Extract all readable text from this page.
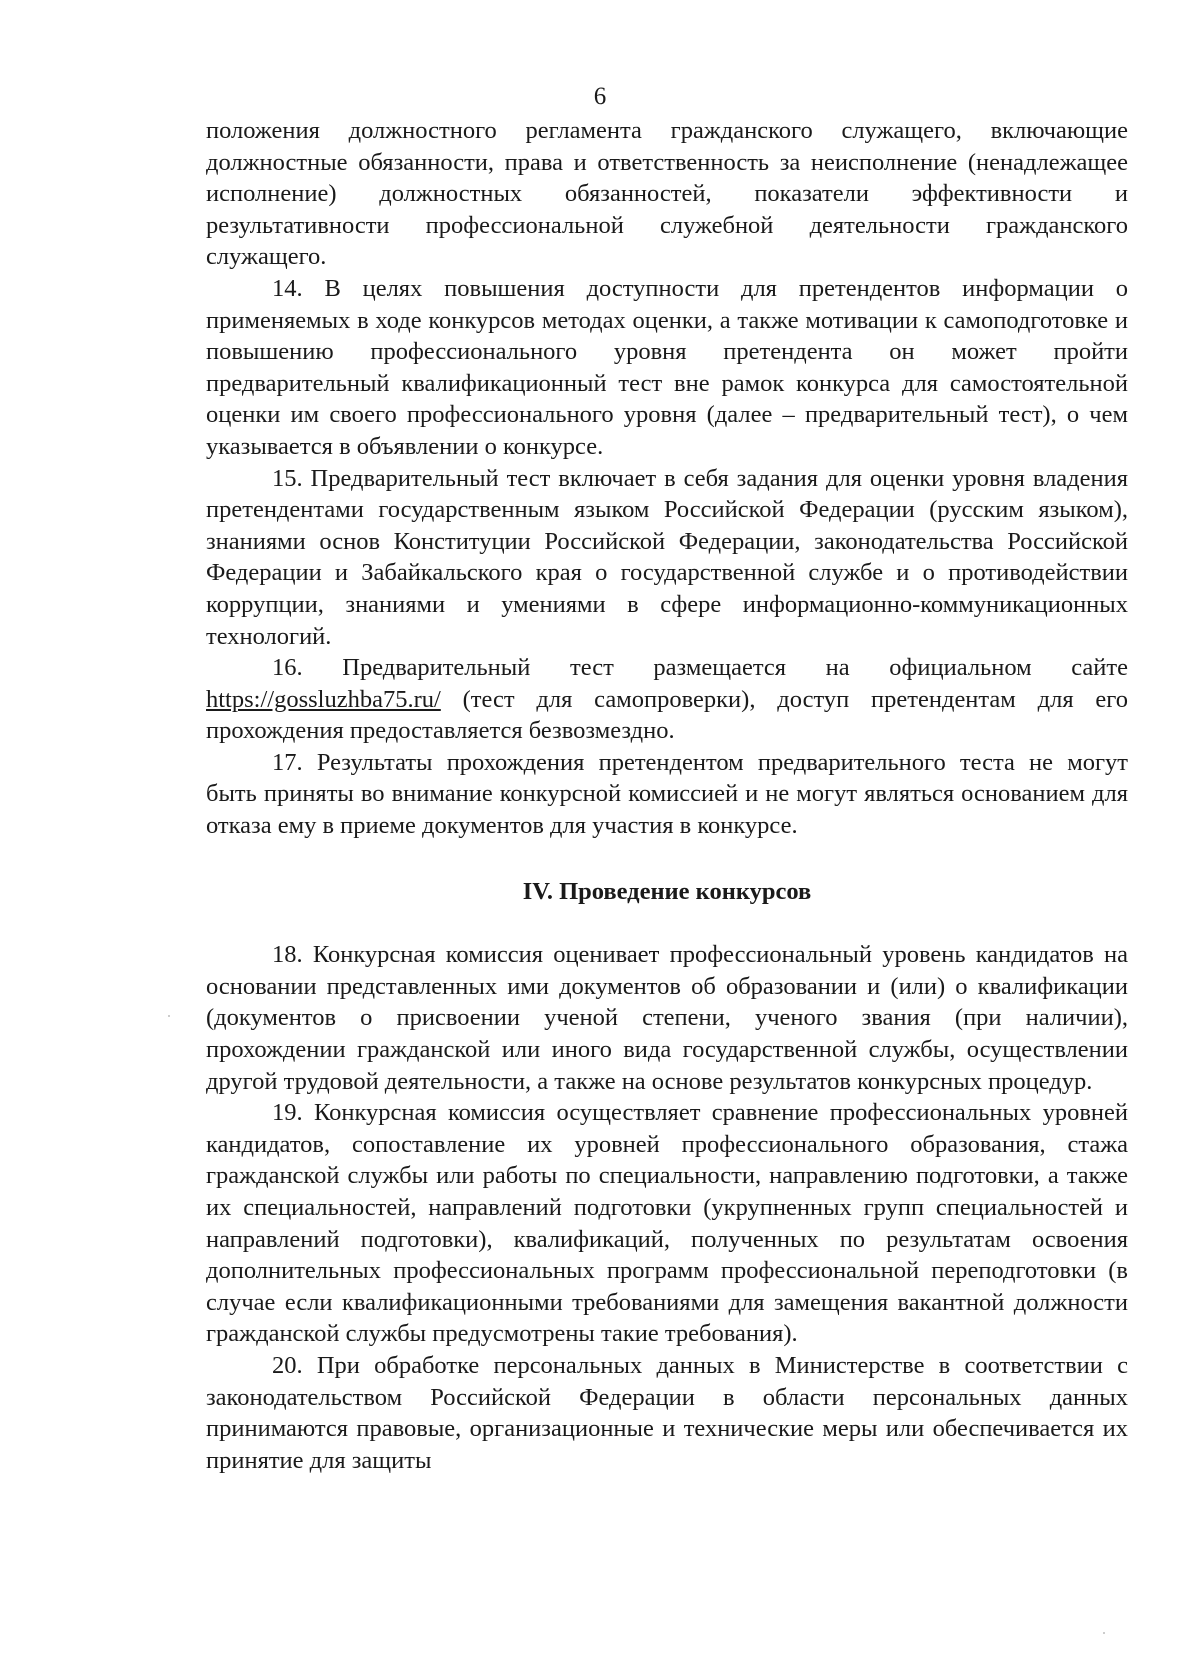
6

положения должностного регламента гражданского служащего, включающие должностные обязанности, права и ответственность за неисполнение (ненадлежащее исполнение) должностных обязанностей, показатели эффективности и результативности профессиональной служебной деятельности гражданского служащего.

14. В целях повышения доступности для претендентов информации о применяемых в ходе конкурсов методах оценки, а также мотивации к самоподготовке и повышению профессионального уровня претендента он может пройти предварительный квалификационный тест вне рамок конкурса для самостоятельной оценки им своего профессионального уровня (далее – предварительный тест), о чем указывается в объявлении о конкурсе.

15. Предварительный тест включает в себя задания для оценки уровня владения претендентами государственным языком Российской Федерации (русским языком), знаниями основ Конституции Российской Федерации, законодательства Российской Федерации и Забайкальского края о государственной службе и о противодействии коррупции, знаниями и умениями в сфере информационно-коммуникационных технологий.

16. Предварительный тест размещается на официальном сайте https://gossluzhba75.ru/ (тест для самопроверки), доступ претендентам для его прохождения предоставляется безвозмездно.

17. Результаты прохождения претендентом предварительного теста не могут быть приняты во внимание конкурсной комиссией и не могут являться основанием для отказа ему в приеме документов для участия в конкурсе.

IV. Проведение конкурсов

18. Конкурсная комиссия оценивает профессиональный уровень кандидатов на основании представленных ими документов об образовании и (или) о квалификации (документов о присвоении ученой степени, ученого звания (при наличии), прохождении гражданской или иного вида государственной службы, осуществлении другой трудовой деятельности, а также на основе результатов конкурсных процедур.

19. Конкурсная комиссия осуществляет сравнение профессиональных уровней кандидатов, сопоставление их уровней профессионального образования, стажа гражданской службы или работы по специальности, направлению подготовки, а также их специальностей, направлений подготовки (укрупненных групп специальностей и направлений подготовки), квалификаций, полученных по результатам освоения дополнительных профессиональных программ профессиональной переподготовки (в случае если квалификационными требованиями для замещения вакантной должности гражданской службы предусмотрены такие требования).

20. При обработке персональных данных в Министерстве в соответствии с законодательством Российской Федерации в области персональных данных принимаются правовые, организационные и технические меры или обеспечивается их принятие для защиты
